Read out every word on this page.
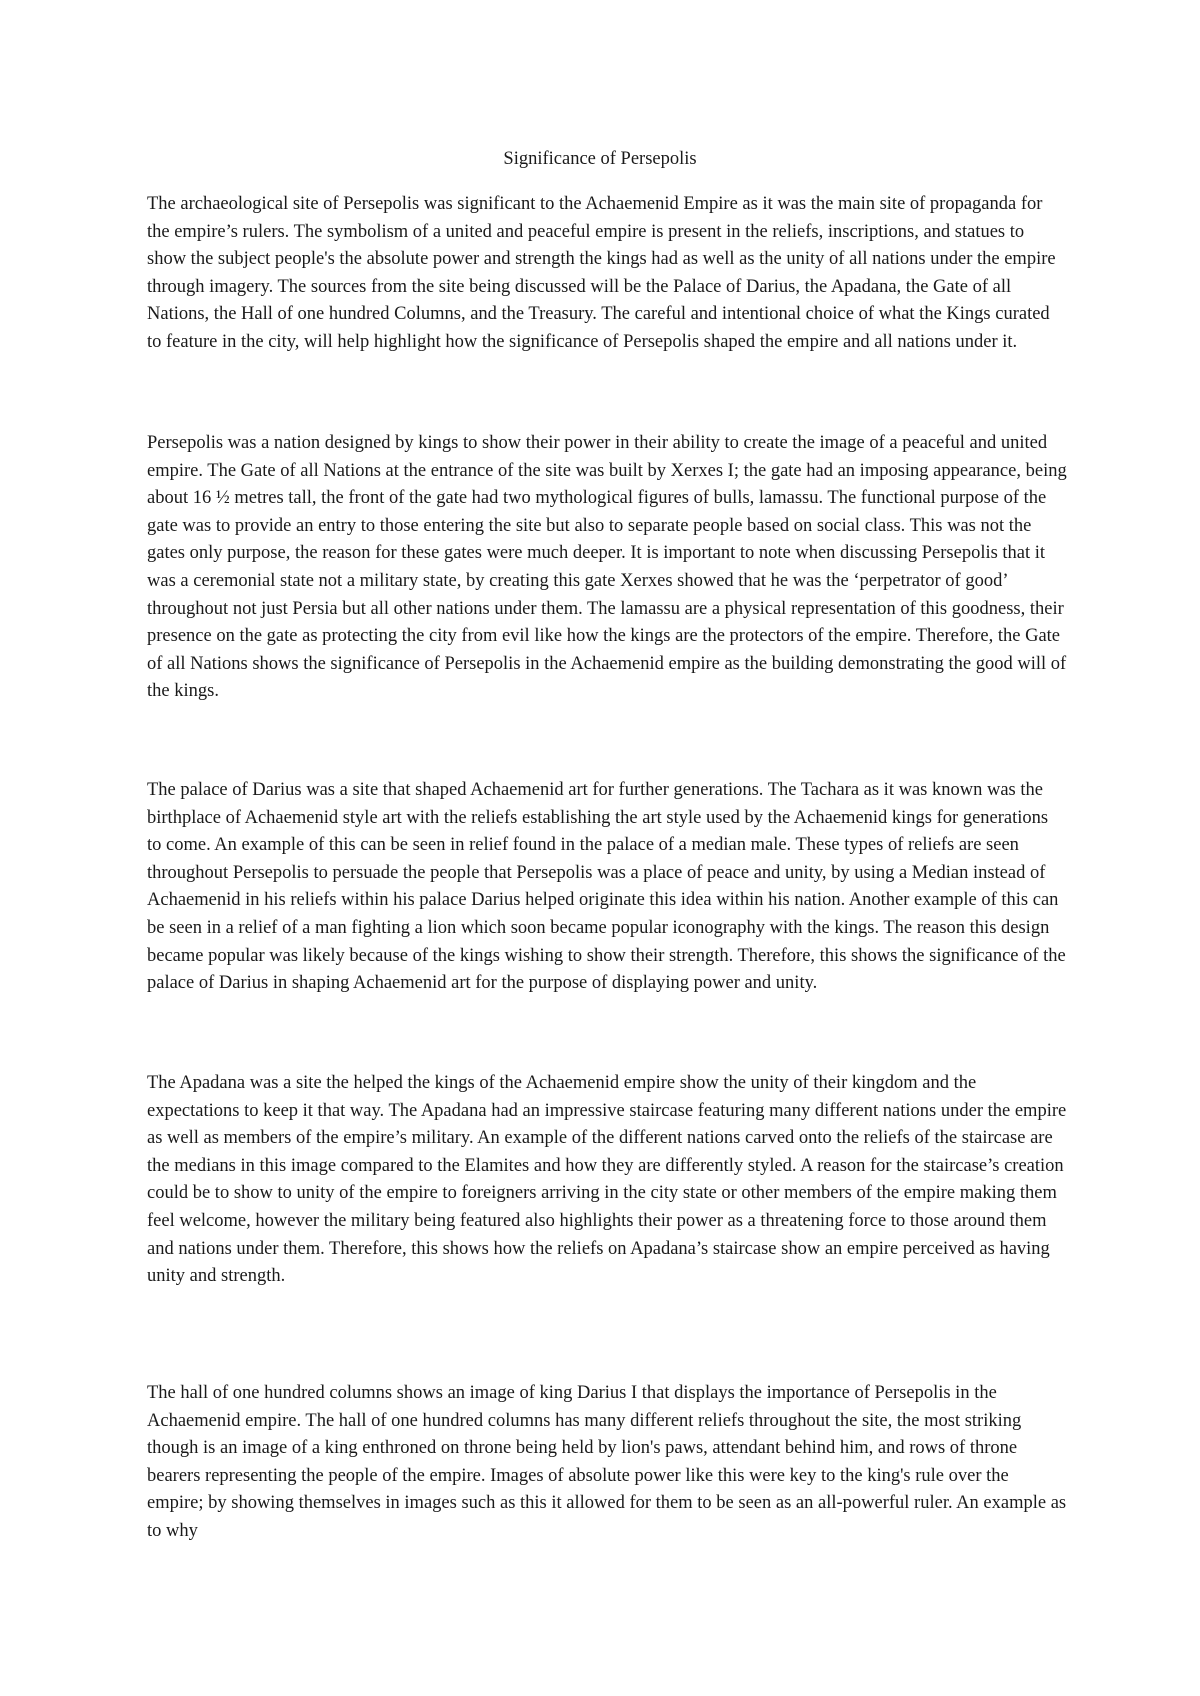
Significance of Persepolis

The archaeological site of Persepolis was significant to the Achaemenid Empire as it was the main site of propaganda for the empire’s rulers. The symbolism of a united and peaceful empire is present in the reliefs, inscriptions, and statues to show the subject people's the absolute power and strength the kings had as well as the unity of all nations under the empire through imagery. The sources from the site being discussed will be the Palace of Darius, the Apadana, the Gate of all Nations, the Hall of one hundred Columns, and the Treasury. The careful and intentional choice of what the Kings curated to feature in the city, will help highlight how the significance of Persepolis shaped the empire and all nations under it.

Persepolis was a nation designed by kings to show their power in their ability to create the image of a peaceful and united empire. The Gate of all Nations at the entrance of the site was built by Xerxes I; the gate had an imposing appearance, being about 16 ½ metres tall, the front of the gate had two mythological figures of bulls, lamassu. The functional purpose of the gate was to provide an entry to those entering the site but also to separate people based on social class. This was not the gates only purpose, the reason for these gates were much deeper. It is important to note when discussing Persepolis that it was a ceremonial state not a military state, by creating this gate Xerxes showed that he was the ‘perpetrator of good’ throughout not just Persia but all other nations under them. The lamassu are a physical representation of this goodness, their presence on the gate as protecting the city from evil like how the kings are the protectors of the empire. Therefore, the Gate of all Nations shows the significance of Persepolis in the Achaemenid empire as the building demonstrating the good will of the kings.

The palace of Darius was a site that shaped Achaemenid art for further generations. The Tachara as it was known was the birthplace of Achaemenid style art with the reliefs establishing the art style used by the Achaemenid kings for generations to come. An example of this can be seen in relief found in the palace of a median male. These types of reliefs are seen throughout Persepolis to persuade the people that Persepolis was a place of peace and unity, by using a Median instead of Achaemenid in his reliefs within his palace Darius helped originate this idea within his nation. Another example of this can be seen in a relief of a man fighting a lion which soon became popular iconography with the kings. The reason this design became popular was likely because of the kings wishing to show their strength. Therefore, this shows the significance of the palace of Darius in shaping Achaemenid art for the purpose of displaying power and unity.

The Apadana was a site the helped the kings of the Achaemenid empire show the unity of their kingdom and the expectations to keep it that way. The Apadana had an impressive staircase featuring many different nations under the empire as well as members of the empire’s military. An example of the different nations carved onto the reliefs of the staircase are the medians in this image compared to the Elamites and how they are differently styled. A reason for the staircase’s creation could be to show to unity of the empire to foreigners arriving in the city state or other members of the empire making them feel welcome, however the military being featured also highlights their power as a threatening force to those around them and nations under them. Therefore, this shows how the reliefs on Apadana’s staircase show an empire perceived as having unity and strength.

The hall of one hundred columns shows an image of king Darius I that displays the importance of Persepolis in the Achaemenid empire. The hall of one hundred columns has many different reliefs throughout the site, the most striking though is an image of a king enthroned on throne being held by lion's paws, attendant behind him, and rows of throne bearers representing the people of the empire. Images of absolute power like this were key to the king's rule over the empire; by showing themselves in images such as this it allowed for them to be seen as an all-powerful ruler. An example as to why
